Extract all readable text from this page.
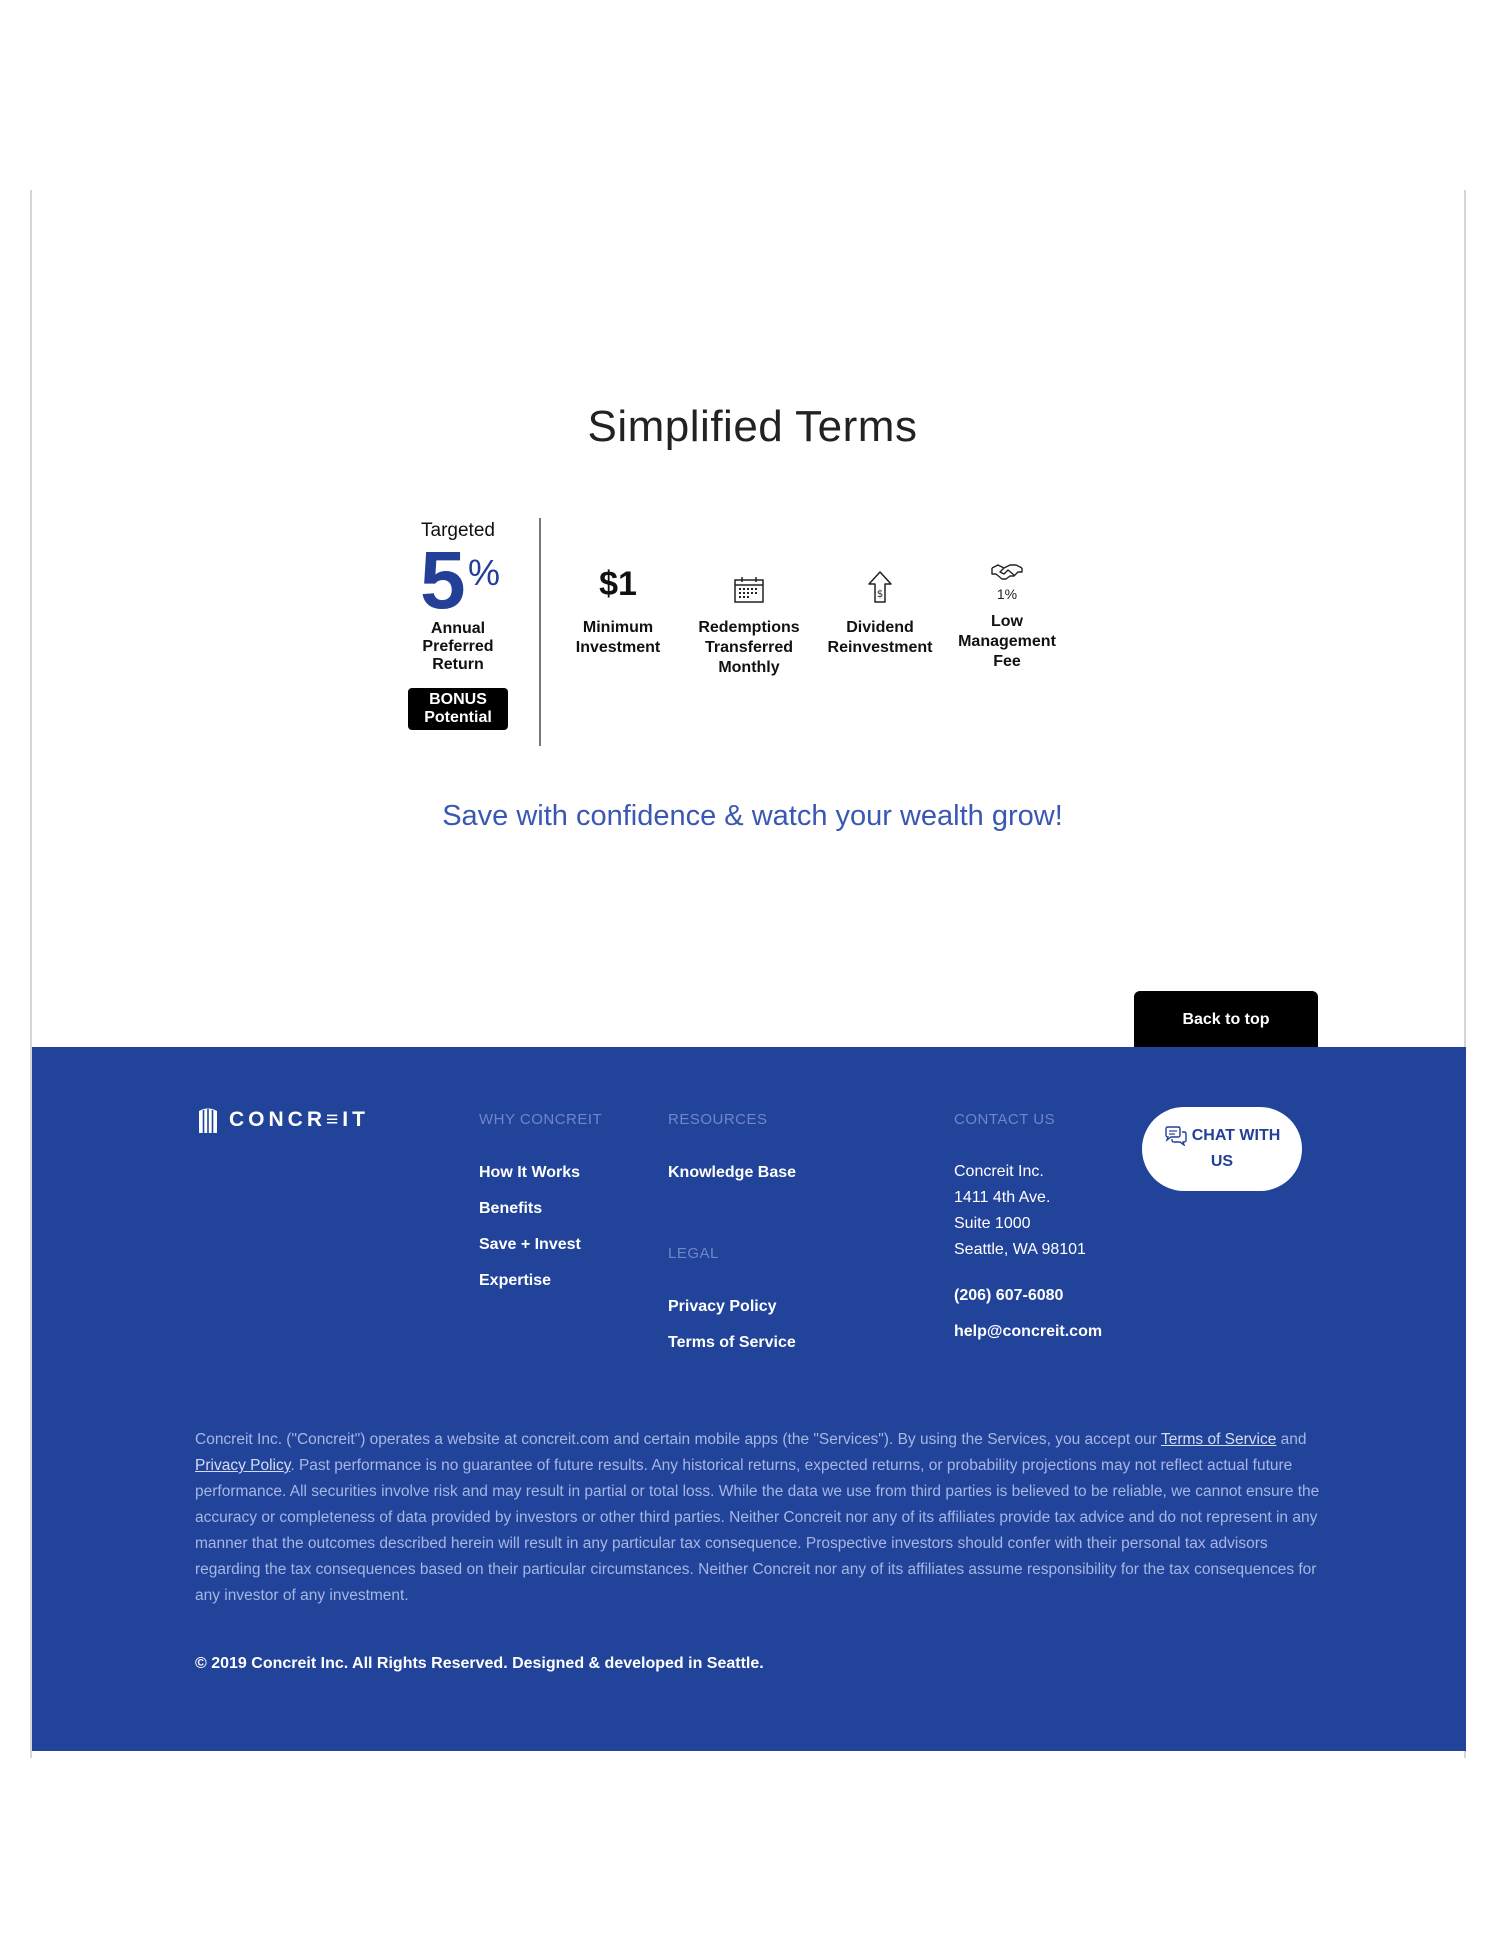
Simplified Terms
Targeted
5 %
Annual
Preferred
Return
BONUS
Potential
$1
Minimum
Investment
Redemptions
Transferred
Monthly
$
Dividend
Reinvestment
1%
Low
Management
Fee
Save with confidence & watch your wealth grow!
Back to top
CONCR≡IT	WHY CONCREIT
How It Works
Benefits
Save + Invest
Expertise
RESOURCES
Knowledge Base
LEGAL
Privacy Policy
Terms of Service
CONTACT US
Concreit Inc.
1411 4th Ave.
Suite 1000
Seattle, WA 98101
(206) 607-6080
help@concreit.com
CHAT WITH
US
Concreit Inc. ("Concreit") operates a website at concreit.com and certain mobile apps (the "Services"). By using the Services, you accept our Terms of Service and Privacy Policy. Past performance is no guarantee of future results. Any historical returns, expected returns, or probability projections may not reflect actual future performance. All securities involve risk and may result in partial or total loss. While the data we use from third parties is believed to be reliable, we cannot ensure the accuracy or completeness of data provided by investors or other third parties. Neither Concreit nor any of its affiliates provide tax advice and do not represent in any manner that the outcomes described herein will result in any particular tax consequence. Prospective investors should confer with their personal tax advisors regarding the tax consequences based on their particular circumstances. Neither Concreit nor any of its affiliates assume responsibility for the tax consequences for any investor of any investment.
© 2019 Concreit Inc. All Rights Reserved. Designed & developed in Seattle.
